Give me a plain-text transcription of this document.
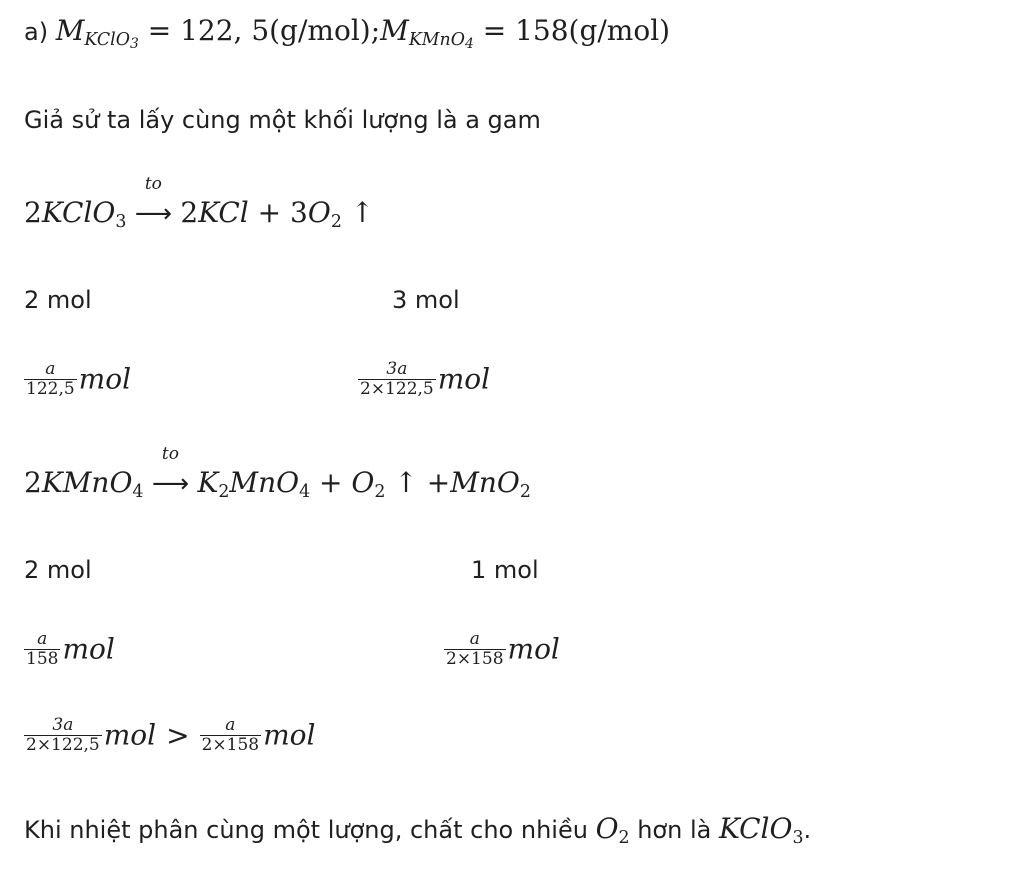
a) $M_{KClO_3} = 122$, $5(g/mol);M_{KMnO_4} = 158(g/mol)$
Giả sử ta lấy cùng một khối lượng là a gam
2KClO$_3$
to
⟶ $2KCl + 3O_2$ ↑
2 mol	3 mol
$\frac{a}{122,5}$ mol	$\frac{3a}{2\times 122,5}$ mol
2KMnO$_4$
to
⟶ $K_2MnO_4 + O_2$ ↑ +MnO$_2$
2 mol	1 mol
$\frac{a}{158}$ mol	$\frac{a}{2\times 158}$ mol
$\frac{3a}{2\times 122,5}$ mol > $\frac{a}{2\times 158}$ mol
Khi nhiệt phân cùng một lượng, chất cho nhiều $O_2$ hơn là KClO$_3$.
